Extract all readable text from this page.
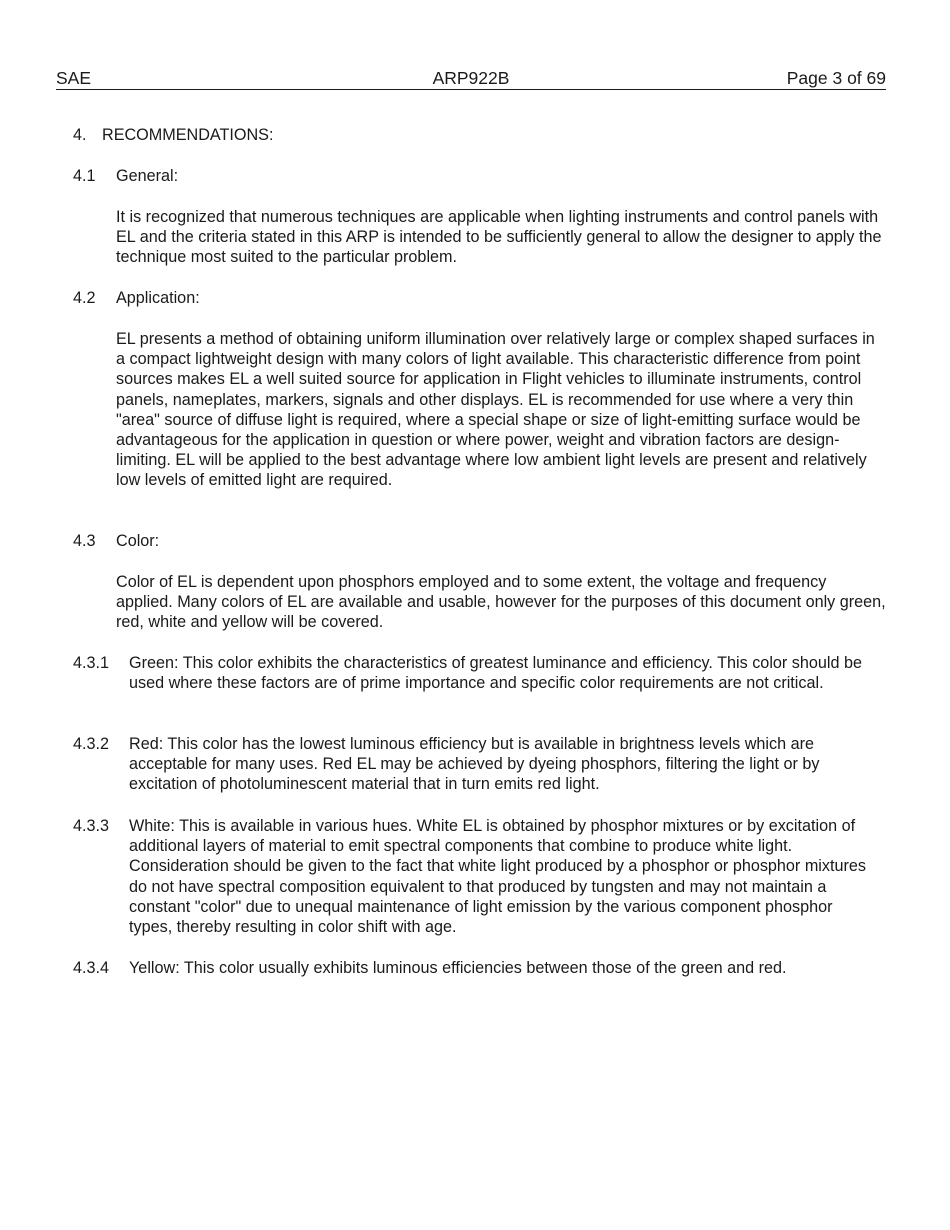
SAE	ARP922B	Page 3 of 69
4. RECOMMENDATIONS:
4.1 General:
It is recognized that numerous techniques are applicable when lighting instruments and control panels with EL and the criteria stated in this ARP is intended to be sufficiently general to allow the designer to apply the technique most suited to the particular problem.
4.2 Application:
EL presents a method of obtaining uniform illumination over relatively large or complex shaped surfaces in a compact lightweight design with many colors of light available. This characteristic difference from point sources makes EL a well suited source for application in Flight vehicles to illuminate instruments, control panels, nameplates, markers, signals and other displays. EL is recommended for use where a very thin "area" source of diffuse light is required, where a special shape or size of light-emitting surface would be advantageous for the application in question or where power, weight and vibration factors are design-limiting. EL will be applied to the best advantage where low ambient light levels are present and relatively low levels of emitted light are required.
4.3 Color:
Color of EL is dependent upon phosphors employed and to some extent, the voltage and frequency applied. Many colors of EL are available and usable, however for the purposes of this document only green, red, white and yellow will be covered.
4.3.1 Green: This color exhibits the characteristics of greatest luminance and efficiency. This color should be used where these factors are of prime importance and specific color requirements are not critical.
4.3.2 Red: This color has the lowest luminous efficiency but is available in brightness levels which are acceptable for many uses. Red EL may be achieved by dyeing phosphors, filtering the light or by excitation of photoluminescent material that in turn emits red light.
4.3.3 White: This is available in various hues. White EL is obtained by phosphor mixtures or by excitation of additional layers of material to emit spectral components that combine to produce white light. Consideration should be given to the fact that white light produced by a phosphor or phosphor mixtures do not have spectral composition equivalent to that produced by tungsten and may not maintain a constant "color" due to unequal maintenance of light emission by the various component phosphor types, thereby resulting in color shift with age.
4.3.4 Yellow: This color usually exhibits luminous efficiencies between those of the green and red.
